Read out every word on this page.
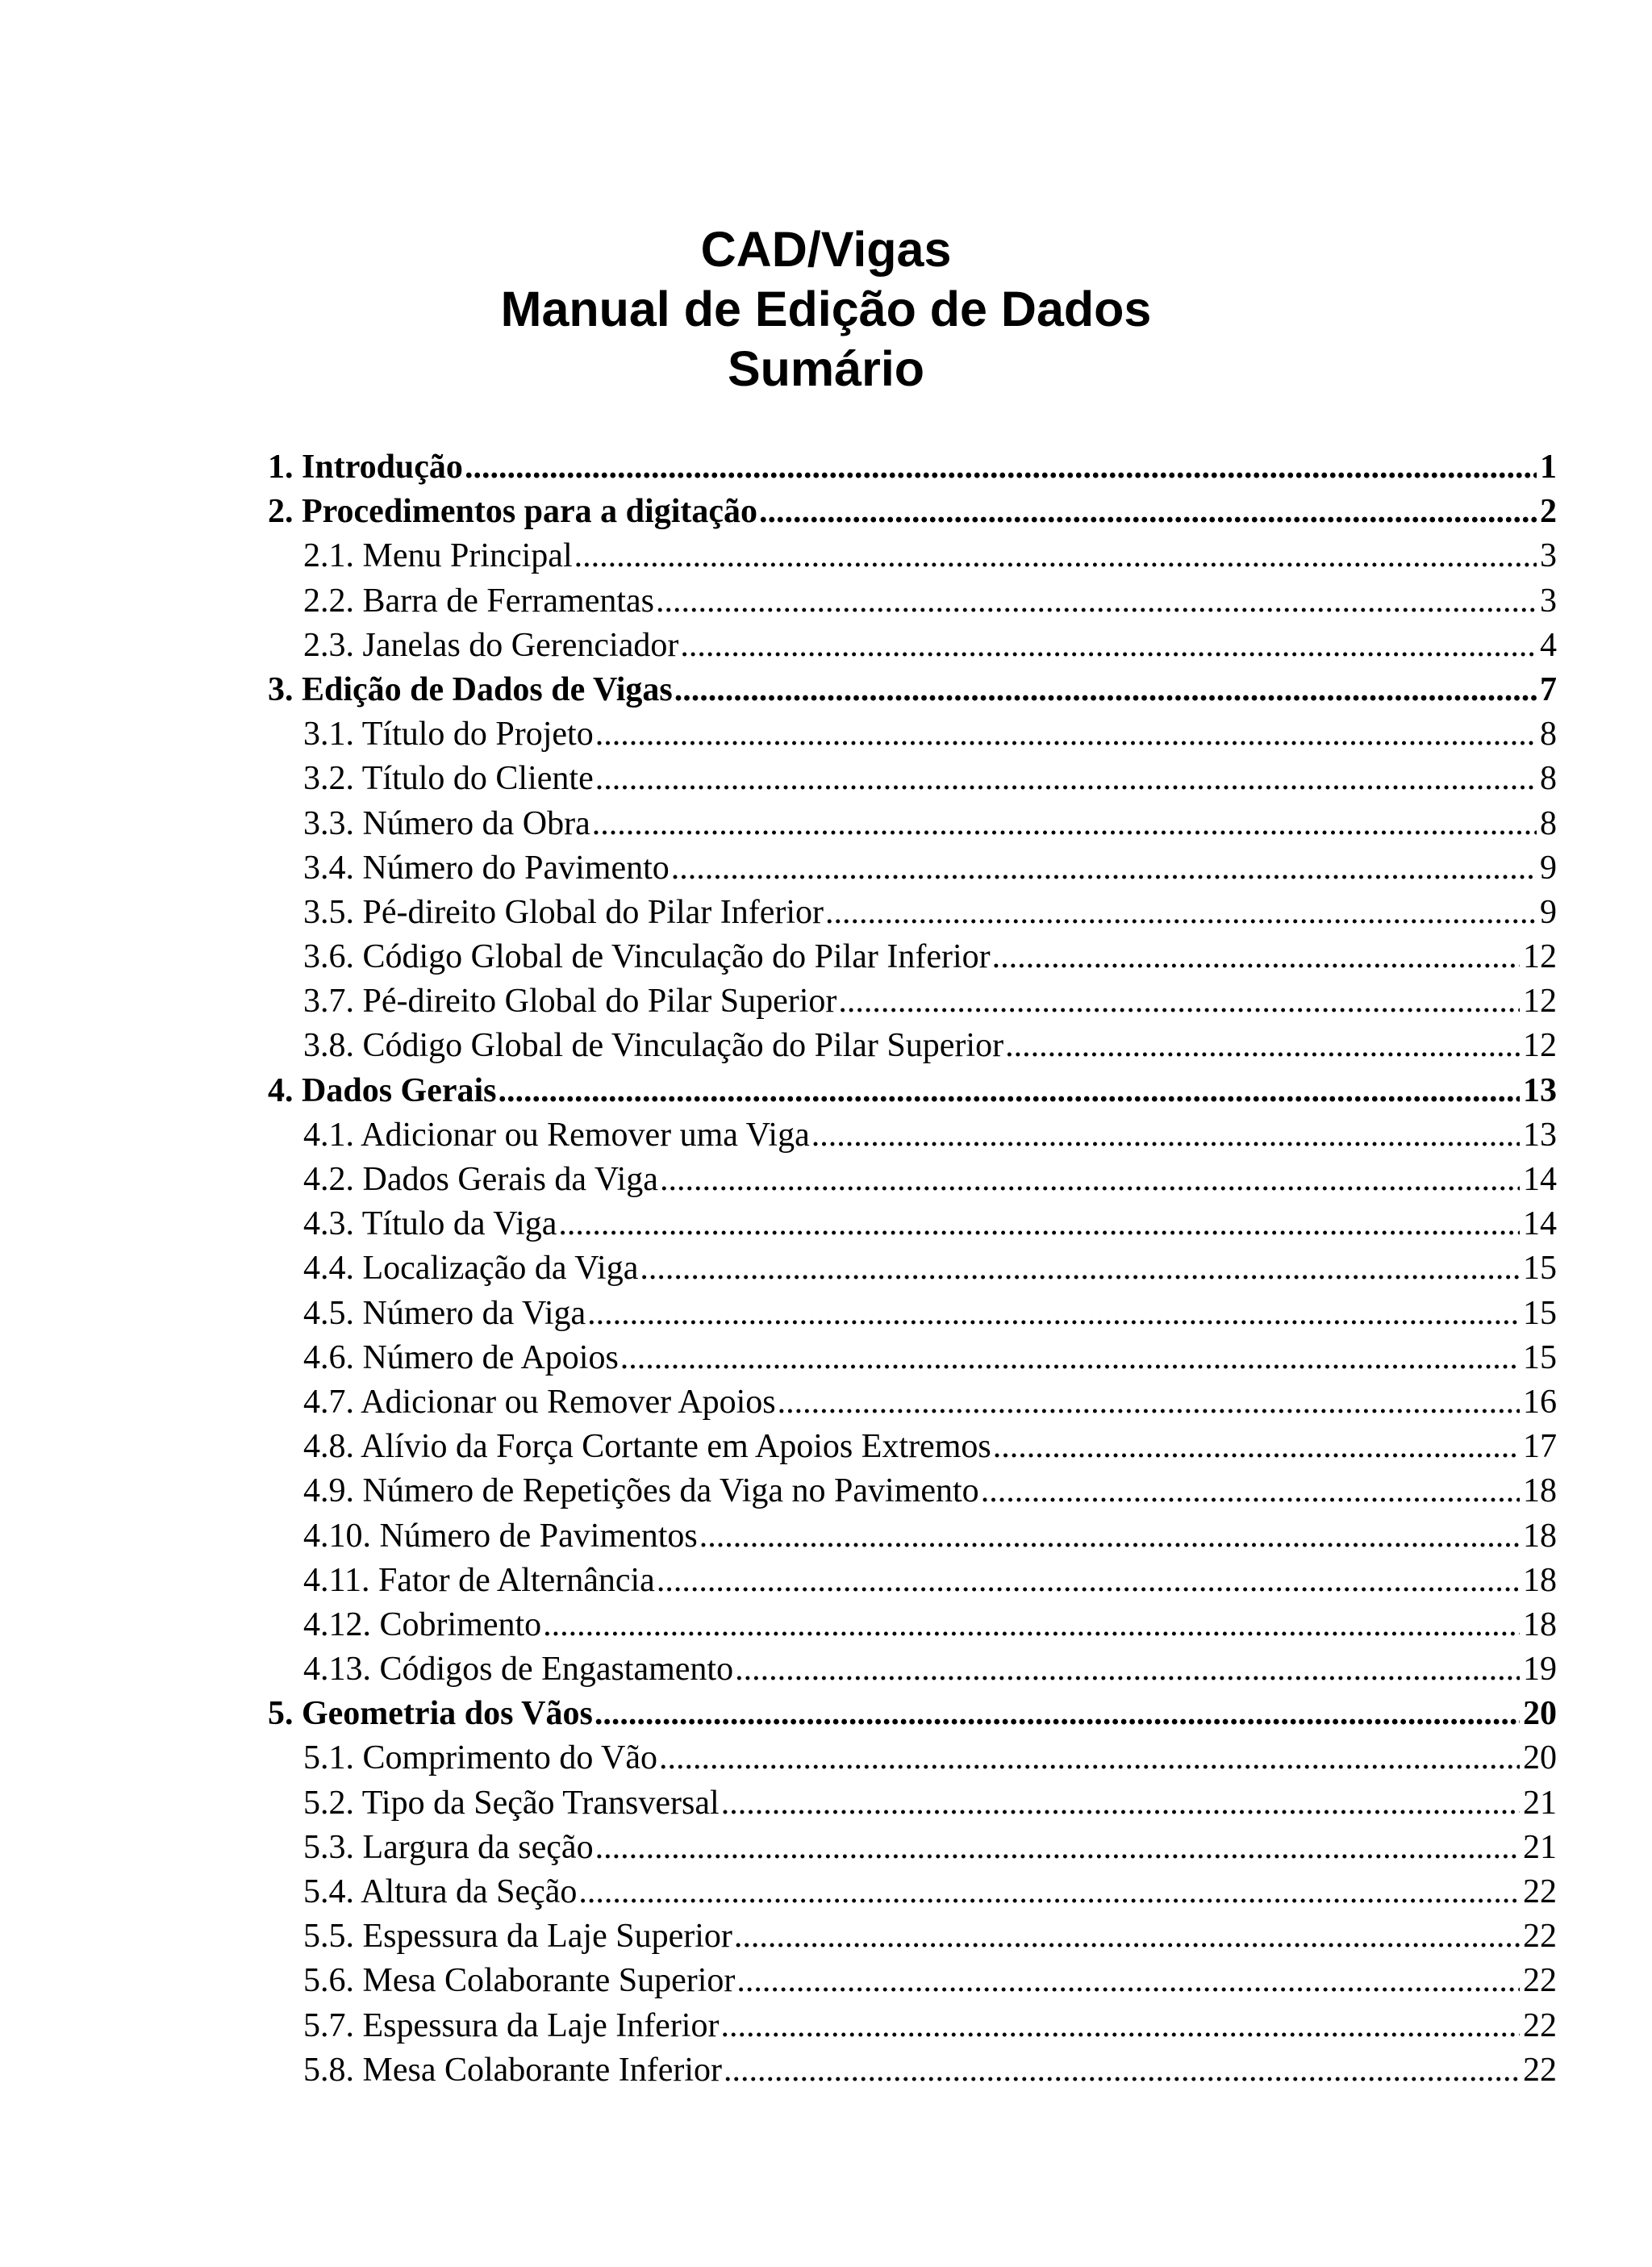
CAD/Vigas
Manual de Edição de Dados
Sumário
1. Introdução .....	1
2. Procedimentos para a digitação .....	2
2.1. Menu Principal .....	3
2.2. Barra de Ferramentas .....	3
2.3. Janelas do Gerenciador .....	4
3. Edição de Dados de Vigas .....	7
3.1. Título do Projeto .....	8
3.2. Título do Cliente .....	8
3.3. Número da Obra .....	8
3.4. Número do Pavimento .....	9
3.5. Pé-direito Global do Pilar Inferior .....	9
3.6. Código Global de Vinculação do Pilar Inferior .....	12
3.7. Pé-direito Global do Pilar Superior .....	12
3.8. Código Global de Vinculação do Pilar Superior .....	12
4. Dados Gerais .....	13
4.1. Adicionar ou Remover uma Viga .....	13
4.2. Dados Gerais da Viga .....	14
4.3. Título da Viga .....	14
4.4. Localização da Viga .....	15
4.5. Número da Viga .....	15
4.6. Número de Apoios .....	15
4.7. Adicionar ou Remover Apoios .....	16
4.8. Alívio da Força Cortante em Apoios Extremos .....	17
4.9. Número de Repetições da Viga no Pavimento .....	18
4.10. Número de Pavimentos .....	18
4.11. Fator de Alternância .....	18
4.12. Cobrimento .....	18
4.13. Códigos de Engastamento .....	19
5. Geometria dos Vãos .....	20
5.1. Comprimento do Vão .....	20
5.2. Tipo da Seção Transversal .....	21
5.3. Largura da seção .....	21
5.4. Altura da Seção .....	22
5.5. Espessura da Laje Superior .....	22
5.6. Mesa Colaborante Superior .....	22
5.7. Espessura da Laje Inferior .....	22
5.8. Mesa Colaborante Inferior .....	22
